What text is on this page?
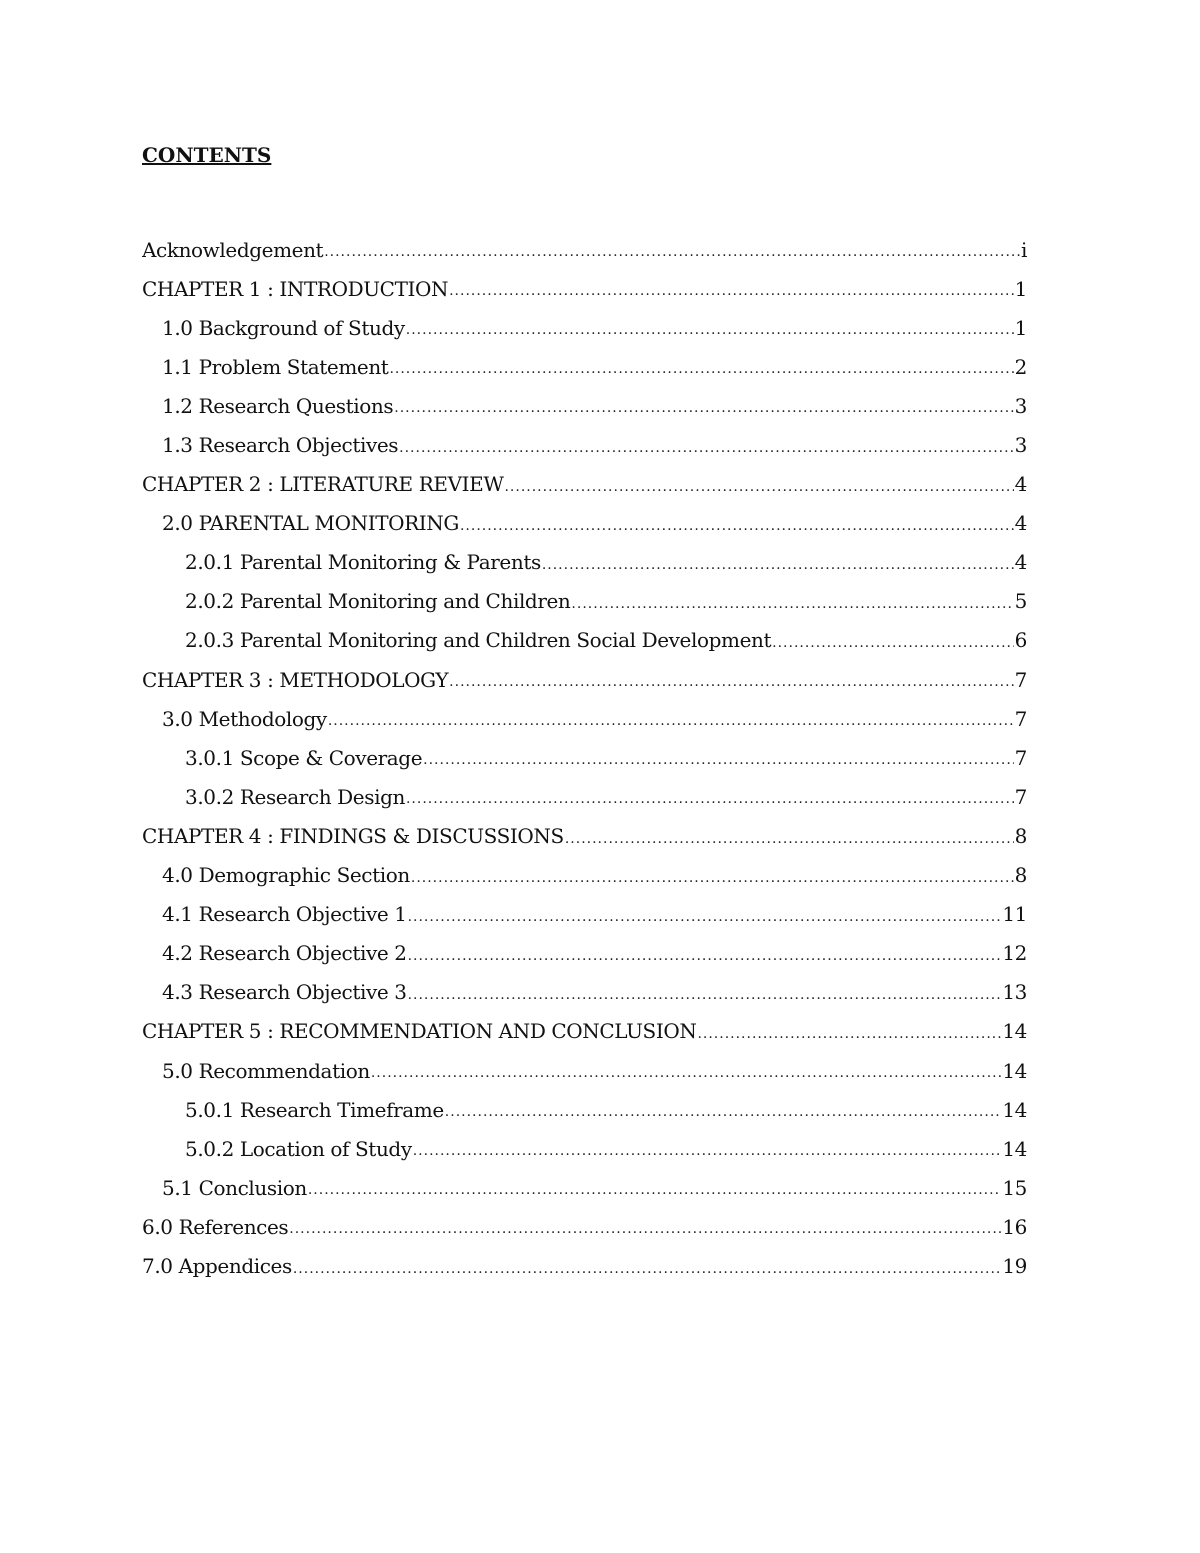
CONTENTS
Acknowledgement .....	i
CHAPTER 1 : INTRODUCTION .....	1
1.0 Background of Study .....	1
1.1 Problem Statement .....	2
1.2 Research Questions .....	3
1.3 Research Objectives .....	3
CHAPTER 2 : LITERATURE REVIEW .....	4
2.0 PARENTAL MONITORING .....	4
2.0.1 Parental Monitoring & Parents .....	4
2.0.2 Parental Monitoring and Children .....	5
2.0.3 Parental Monitoring and Children Social Development .....	6
CHAPTER 3 : METHODOLOGY .....	7
3.0 Methodology .....	7
3.0.1 Scope & Coverage .....	7
3.0.2 Research Design .....	7
CHAPTER 4 : FINDINGS & DISCUSSIONS .....	8
4.0 Demographic Section .....	8
4.1 Research Objective 1 .....	11
4.2 Research Objective 2 .....	12
4.3 Research Objective 3 .....	13
CHAPTER 5 : RECOMMENDATION AND CONCLUSION .....	14
5.0 Recommendation .....	14
5.0.1 Research Timeframe .....	14
5.0.2 Location of Study .....	14
5.1 Conclusion .....	15
6.0 References .....	16
7.0 Appendices .....	19
